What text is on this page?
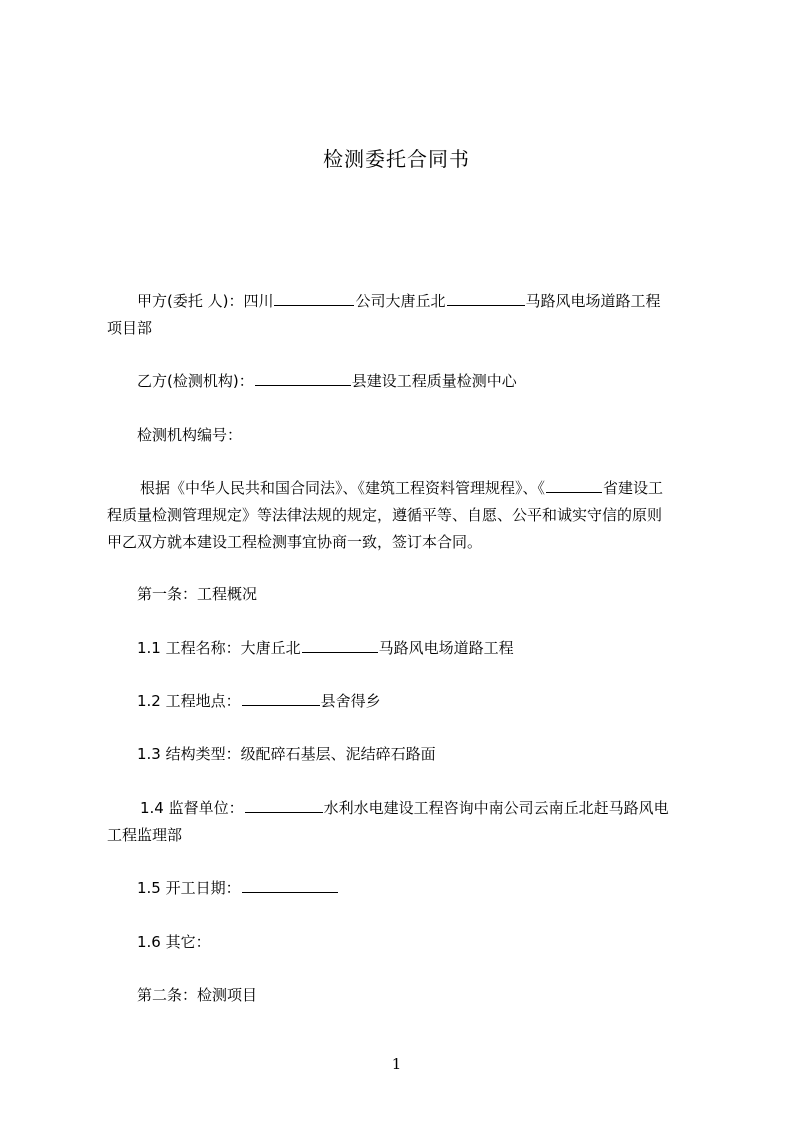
检测委托合同书
甲方(委托 人)：四川	公司大唐丘北	马路风电场道路工程
项目部
乙方(检测机构)：	县建设工程质量检测中心
检测机构编号：
根据《中华人民共和国合同法》、《建筑工程资料管理规程》、《	省建设工
程质量检测管理规定》等法律法规的规定，遵循平等、自愿、公平和诚实守信的原则
甲乙双方就本建设工程检测事宜协商一致，签订本合同。
第一条：工程概况
1.1 工程名称：大唐丘北	马路风电场道路工程
1.2 工程地点：	县舍得乡
1.3 结构类型：级配碎石基层、泥结碎石路面
1.4 监督单位：	水利水电建设工程咨询中南公司云南丘北赶马路风电
工程监理部
1.5 开工日期：
1.6 其它：
第二条：检测项目
1
